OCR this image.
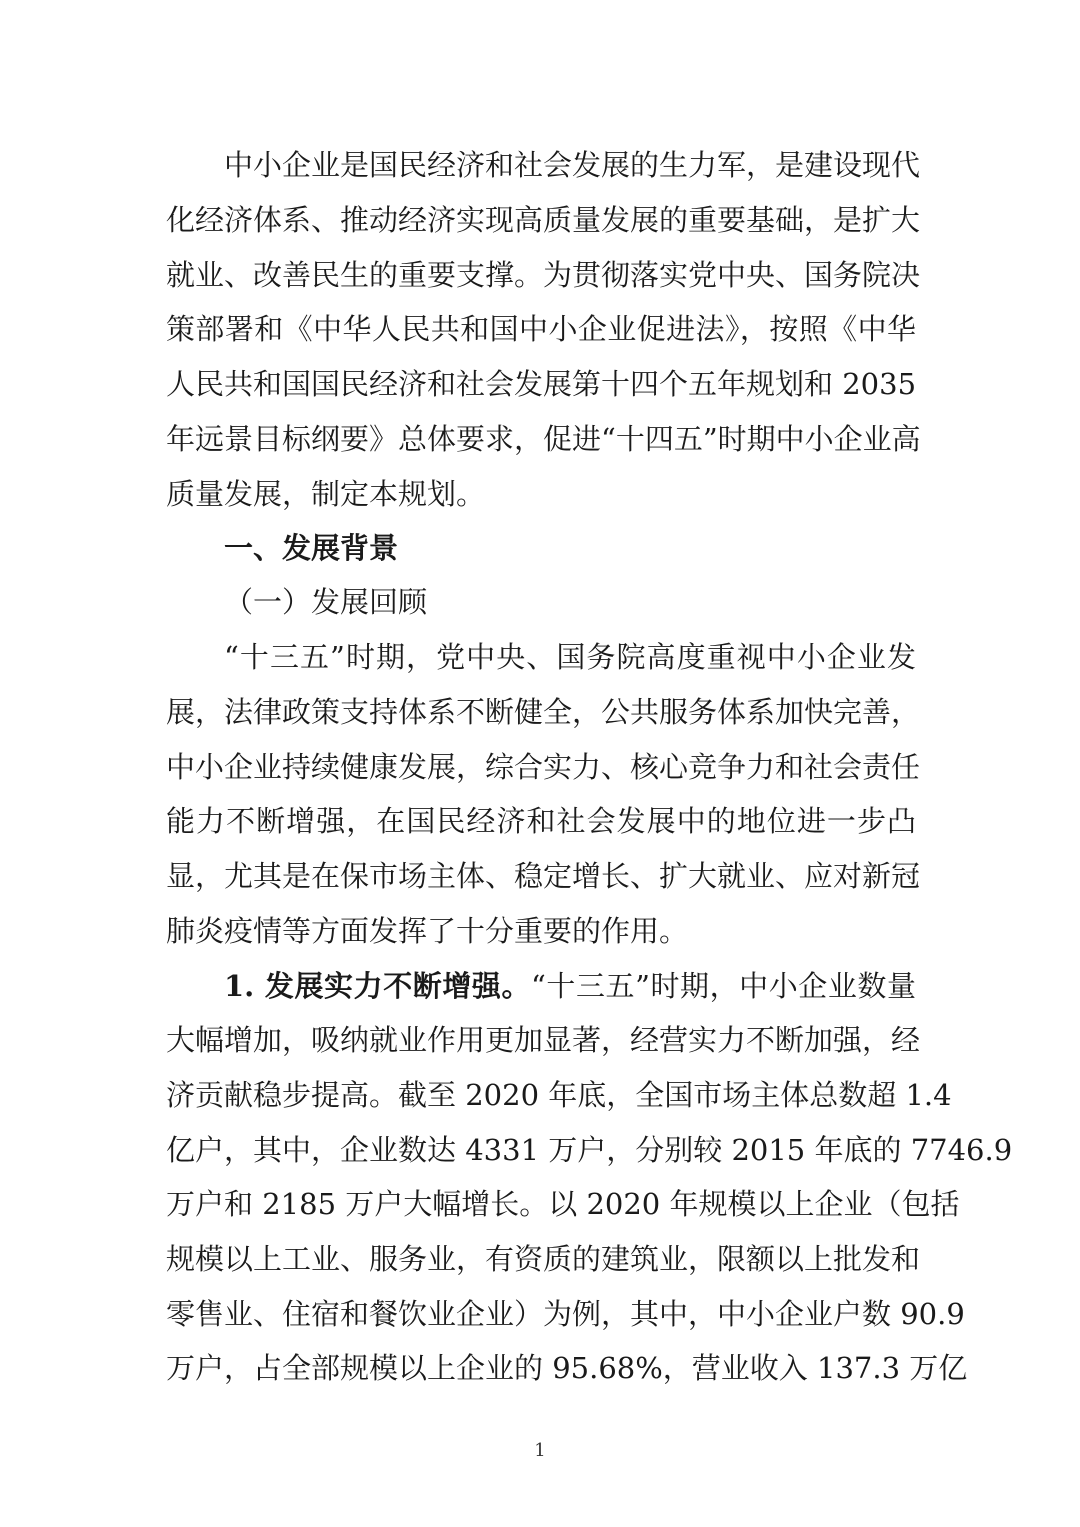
中小企业是国民经济和社会发展的生力军，是建设现代
化经济体系、推动经济实现高质量发展的重要基础，是扩大
就业、改善民生的重要支撑。为贯彻落实党中央、国务院决
策部署和《中华人民共和国中小企业促进法》，按照《中华
人民共和国国民经济和社会发展第十四个五年规划和 2035
年远景目标纲要》总体要求，促进“十四五”时期中小企业高
质量发展，制定本规划。
一、发展背景
（一）发展回顾
“十三五”时期，党中央、国务院高度重视中小企业发
展，法律政策支持体系不断健全，公共服务体系加快完善，
中小企业持续健康发展，综合实力、核心竞争力和社会责任
能力不断增强，在国民经济和社会发展中的地位进一步凸
显，尤其是在保市场主体、稳定增长、扩大就业、应对新冠
肺炎疫情等方面发挥了十分重要的作用。
1. 发展实力不断增强。“十三五”时期，中小企业数量
大幅增加，吸纳就业作用更加显著，经营实力不断加强，经
济贡献稳步提高。截至 2020 年底，全国市场主体总数超 1.4
亿户，其中，企业数达 4331 万户，分别较 2015 年底的 7746.9
万户和 2185 万户大幅增长。以 2020 年规模以上企业（包括
规模以上工业、服务业，有资质的建筑业，限额以上批发和
零售业、住宿和餐饮业企业）为例，其中，中小企业户数 90.9
万户，占全部规模以上企业的 95.68%，营业收入 137.3 万亿
1
